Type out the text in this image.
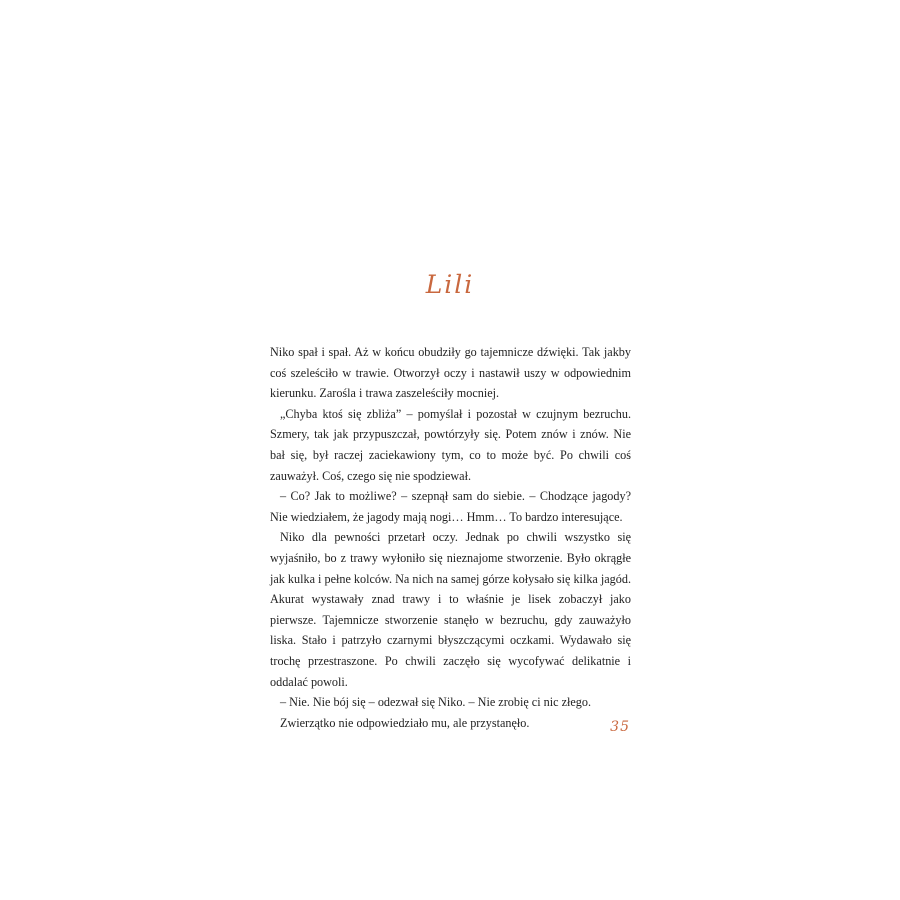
Lili

Niko spał i spał. Aż w końcu obudziły go tajemnicze dźwięki. Tak jakby coś szeleściło w trawie. Otworzył oczy i nastawił uszy w odpowiednim kierunku. Zarośla i trawa zaszeleściły mocniej.

„Chyba ktoś się zbliża” – pomyślał i pozostał w czujnym bezruchu. Szmery, tak jak przypuszczał, powtórzyły się. Potem znów i znów. Nie bał się, był raczej zaciekawiony tym, co to może być. Po chwili coś zauważył. Coś, czego się nie spodziewał.

– Co? Jak to możliwe? – szepnął sam do siebie. – Chodzące jagody? Nie wiedziałem, że jagody mają nogi… Hmm… To bardzo interesujące.

Niko dla pewności przetarł oczy. Jednak po chwili wszystko się wyjaśniło, bo z trawy wyłoniło się nieznajome stworzenie. Było okrągłe jak kulka i pełne kolców. Na nich na samej górze kołysało się kilka jagód. Akurat wystawały znad trawy i to właśnie je lisek zobaczył jako pierwsze. Tajemnicze stworzenie stanęło w bezruchu, gdy zauważyło liska. Stało i patrzyło czarnymi błyszczącymi oczkami. Wydawało się trochę przestraszone. Po chwili zaczęło się wycofywać delikatnie i oddalać powoli.

– Nie. Nie bój się – odezwał się Niko. – Nie zrobię ci nic złego.

Zwierzątko nie odpowiedziało mu, ale przystanęło.	35
